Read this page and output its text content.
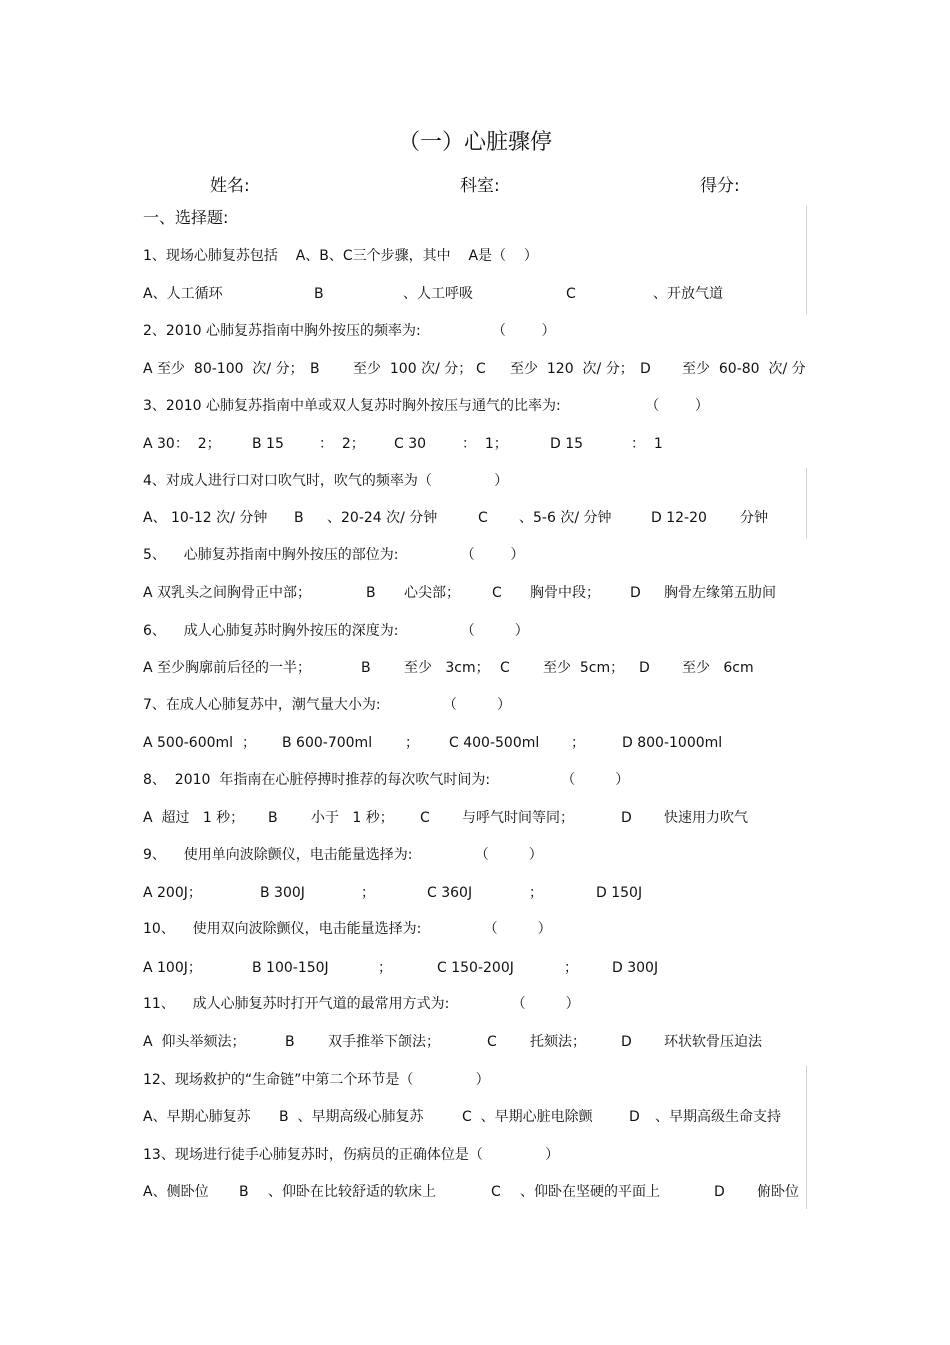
（一）心脏骤停
姓名:	科室:	得分:
一、选择题:
1、现场心肺复苏包括    A、B、C三个步骤，其中    A是（    ）

A、人工循环

	B

	、人工呼吸

	C

	、开放气道

2、2010 心肺复苏指南中胸外按压的频率为:                （        ）

A 至少  80-100  次/ 分；

B

至少  100 次/ 分；

C

至少  120  次/ 分；

D

至少  60-80  次/ 分

3、2010 心肺复苏指南中单或双人复苏时胸外按压与通气的比率为:                   （        ）

A 30：  2；

B 15

	：  2；

C 30

	：  1；

	D 15

	：  1

4、对成人进行口对口吹气时，吹气的频率为（              ）

A、 10-12 次/ 分钟

B

、20-24 次/ 分钟

	C

、5-6 次/ 分钟

	D 12-20

分钟

5、    心肺复苏指南中胸外按压的部位为:              （        ）

A 双乳头之间胸骨正中部；

	B

心尖部；

C

胸骨中段；

D

胸骨左缘第五肋间

6、    成人心肺复苏时胸外按压的深度为:              （         ）

A 至少胸廓前后径的一半；

	B

至少   3cm；

C

至少  5cm；

D

至少   6cm

7、在成人心肺复苏中，潮气量大小为:              （         ）

A 500-600ml  ；

B 600-700ml

；

C 400-500ml

；

	D 800-1000ml

8、  2010  年指南在心脏停搏时推荐的每次吹气时间为:                （         ）

A  超过   1 秒；

B

小于   1 秒；

C

与呼气时间等同；

	D

快速用力吹气

9、    使用单向波除颤仪，电击能量选择为:              （         ）

A 200J；

	B 300J

	；

	C 360J

	；

	D 150J

10、    使用双向波除颤仪，电击能量选择为:              （         ）

A 100J；

	B 100-150J

	；

	C 150-200J

	；

D 300J

11、    成人心肺复苏时打开气道的最常用方式为:              （         ）

A  仰头举颏法；

	B

双手推举下颌法；

	C

托颏法；

	D

环状软骨压迫法

12、现场救护的“生命链”中第二个环节是（              ）

A、早期心肺复苏

B  、早期高级心肺复苏

	C  、早期心脏电除颤

	D

、早期高级生命支持

13、现场进行徒手心肺复苏时，伤病员的正确体位是（              ）

A、侧卧位

B

、仰卧在比较舒适的软床上

	C

、仰卧在坚硬的平面上

	D

俯卧位
